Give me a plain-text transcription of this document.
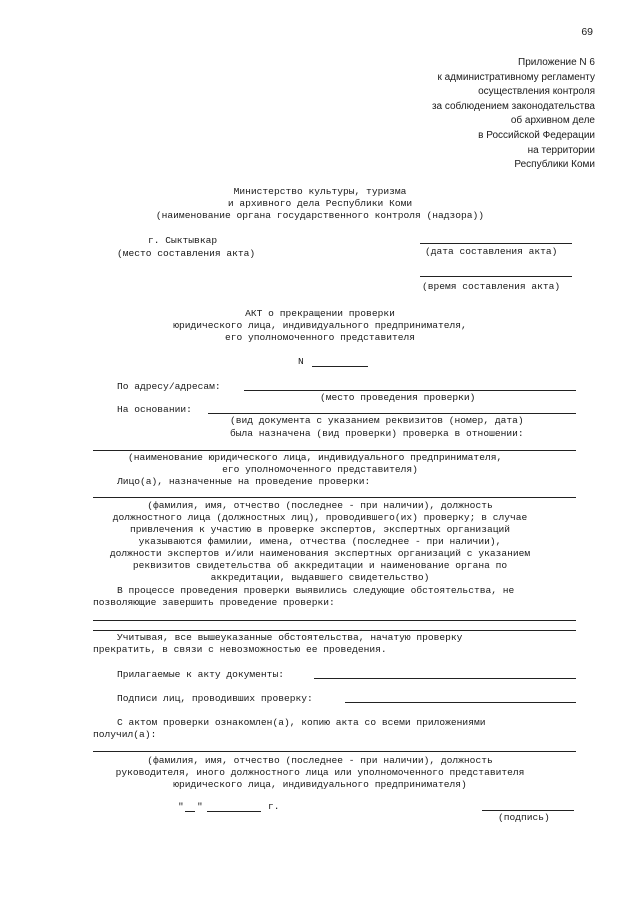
69
Приложение N 6
к административному регламенту
осуществления контроля
за соблюдением законодательства
об архивном деле
в Российской Федерации
на территории
Республики Коми
Министерство культуры, туризма
и архивного дела Республики Коми
(наименование органа государственного контроля (надзора))
г. Сыктывкар
(место составления акта)	(дата составления акта)
(время составления акта)
АКТ о прекращении проверки
юридического лица, индивидуального предпринимателя,
его уполномоченного представителя
N
По адресу/адресам:
(место проведения проверки)
На основании:
(вид документа с указанием реквизитов (номер, дата)
была назначена (вид проверки) проверка в отношении:
(наименование юридического лица, индивидуального предпринимателя,
его уполномоченного представителя)
Лицо(а), назначенные на проведение проверки:
(фамилия, имя, отчество (последнее - при наличии), должность
должностного лица (должностных лиц), проводившего(их) проверку; в случае
привлечения к участию в проверке экспертов, экспертных организаций
указываются фамилии, имена, отчества (последнее - при наличии),
должности экспертов и/или наименования экспертных организаций с указанием
реквизитов свидетельства об аккредитации и наименование органа по
аккредитации, выдавшего свидетельство)
В процессе проведения проверки выявились следующие обстоятельства, не
позволяющие завершить проведение проверки:
Учитывая, все вышеуказанные обстоятельства, начатую проверку
прекратить, в связи с невозможностью ее проведения.
Прилагаемые к акту документы:
Подписи лиц, проводивших проверку:
С актом проверки ознакомлен(а), копию акта со всеми приложениями
получил(а):
(фамилия, имя, отчество (последнее - при наличии), должность
руководителя, иного должностного лица или уполномоченного представителя
юридического лица, индивидуального предпринимателя)
" "	г.
(подпись)
